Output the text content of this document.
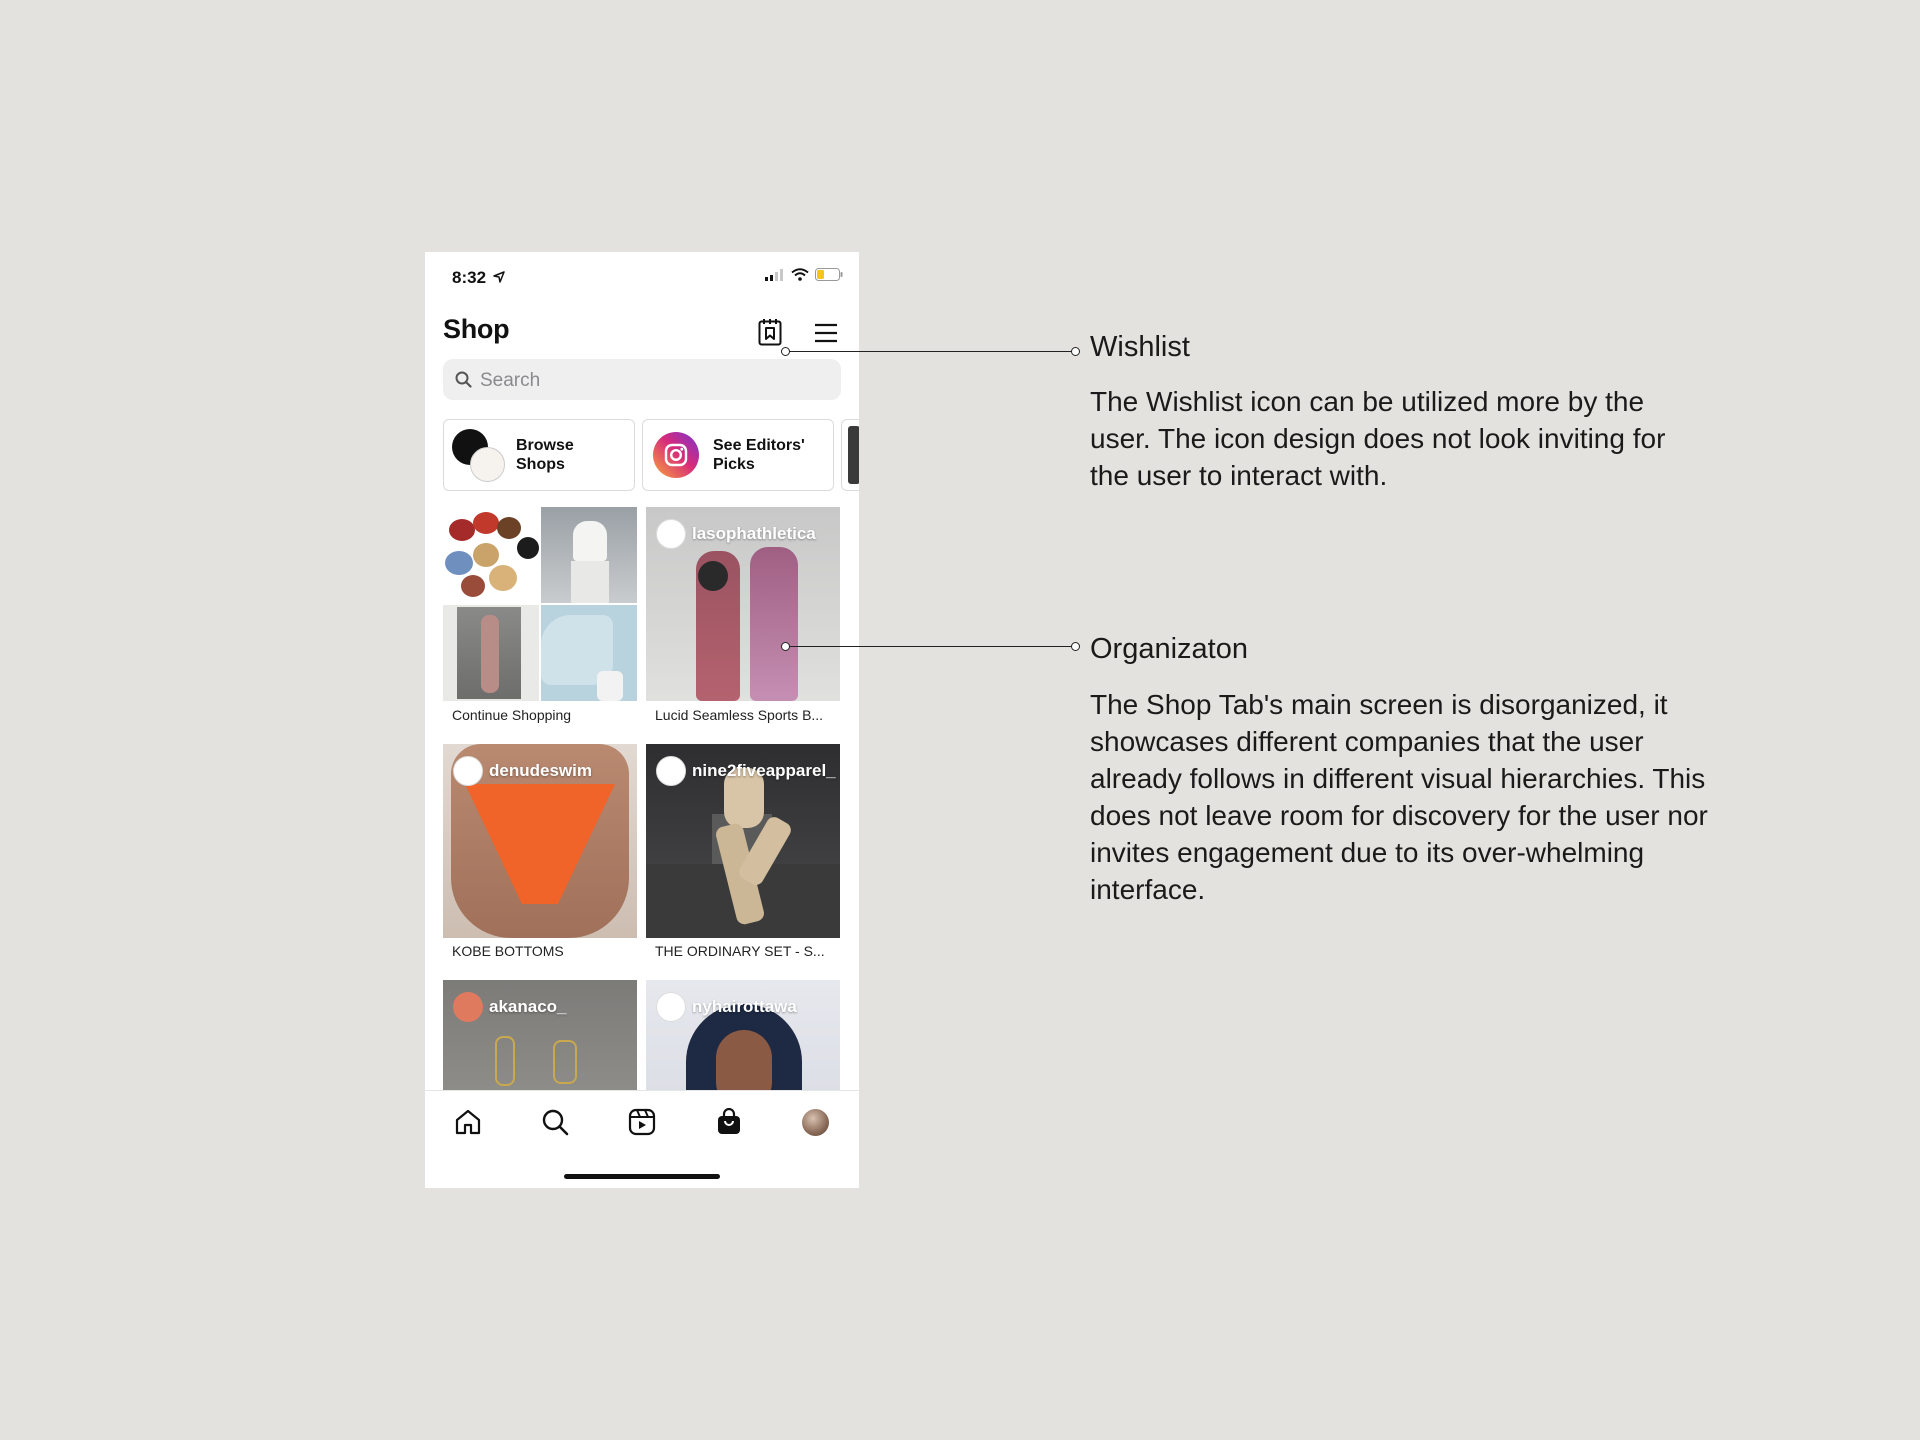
8:32
Shop
Search
Browse
Shops
See Editors'
Picks
Continue Shopping
lasophathletica
Lucid Seamless Sports B...
denudeswim
KOBE BOTTOMS
nine2fiveapparel_
THE ORDINARY SET - S...
akanaco_	nyhairottawa
Wishlist
The Wishlist icon can be utilized more by the user. The icon design does not look inviting for the user to interact with.
Organizaton
The Shop Tab's main screen is disorganized, it showcases different companies that the user already follows in different visual hierarchies. This does not leave room for discovery for the user nor invites engagement due to its over-whelming interface.
